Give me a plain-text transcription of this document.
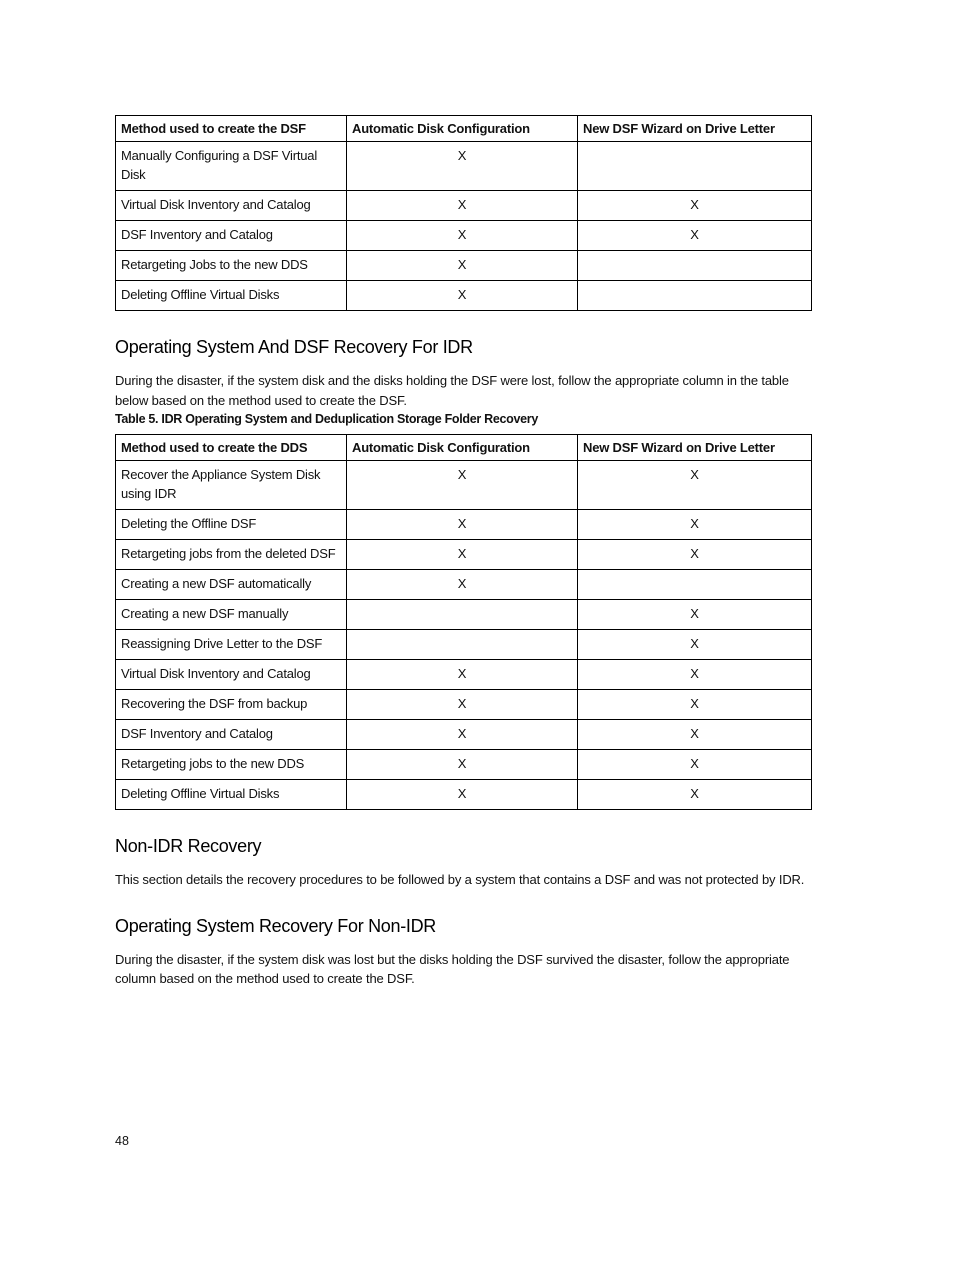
Method used to create the DSF	Automatic Disk Configuration	New DSF Wizard on Drive Letter
Manually Configuring a DSF Virtual Disk	X	
Virtual Disk Inventory and Catalog	X	X
DSF Inventory and Catalog	X	X
Retargeting Jobs to the new DDS	X	
Deleting Offline Virtual Disks	X	
Operating System And DSF Recovery For IDR

During the disaster, if the system disk and the disks holding the DSF were lost, follow the appropriate column in the table below based on the method used to create the DSF.

Table 5. IDR Operating System and Deduplication Storage Folder Recovery

Method used to create the DDS	Automatic Disk Configuration	New DSF Wizard on Drive Letter
Recover the Appliance System Disk using IDR	X	X
Deleting the Offline DSF	X	X
Retargeting jobs from the deleted DSF	X	X
Creating a new DSF automatically	X	
Creating a new DSF manually		X
Reassigning Drive Letter to the DSF		X
Virtual Disk Inventory and Catalog	X	X
Recovering the DSF from backup	X	X
DSF Inventory and Catalog	X	X
Retargeting jobs to the new DDS	X	X
Deleting Offline Virtual Disks	X	X
Non-IDR Recovery

This section details the recovery procedures to be followed by a system that contains a DSF and was not protected by IDR.

Operating System Recovery For Non-IDR

During the disaster, if the system disk was lost but the disks holding the DSF survived the disaster, follow the appropriate column based on the method used to create the DSF.

48
